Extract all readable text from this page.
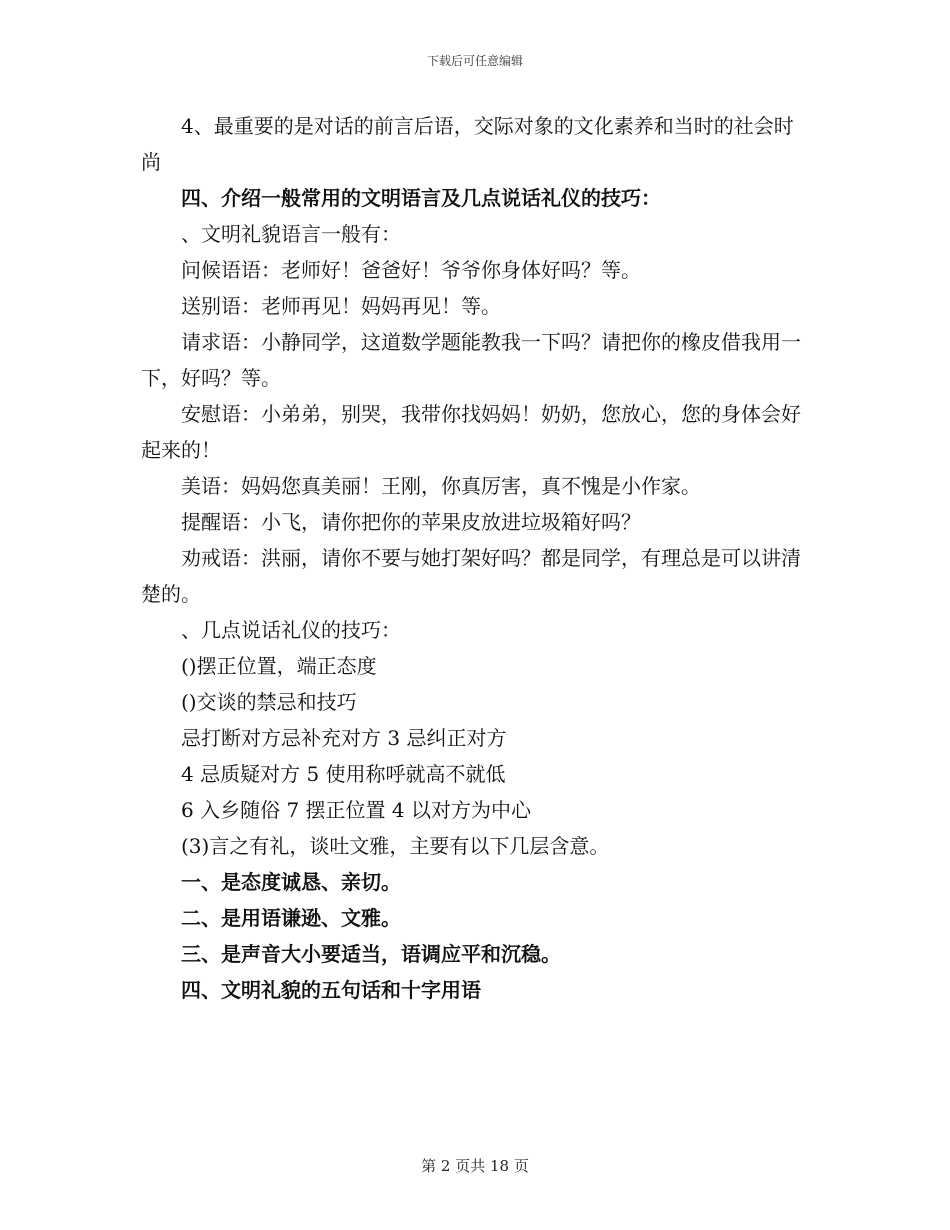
下载后可任意编辑

4、最重要的是对话的前言后语，交际对象的文化素养和当时的社会时尚

四、介绍一般常用的文明语言及几点说话礼仪的技巧：

、文明礼貌语言一般有：

问候语语：老师好！爸爸好！爷爷你身体好吗？等。

送别语：老师再见！妈妈再见！等。

请求语：小静同学，这道数学题能教我一下吗？请把你的橡皮借我用一下，好吗？等。

安慰语：小弟弟，别哭，我带你找妈妈！奶奶，您放心，您的身体会好起来的！

美语：妈妈您真美丽！王刚，你真厉害，真不愧是小作家。

提醒语：小飞，请你把你的苹果皮放进垃圾箱好吗？

劝戒语：洪丽，请你不要与她打架好吗？都是同学，有理总是可以讲清楚的。

、几点说话礼仪的技巧：

()摆正位置，端正态度

()交谈的禁忌和技巧

忌打断对方忌补充对方 3 忌纠正对方

4 忌质疑对方 5 使用称呼就高不就低

6 入乡随俗 7 摆正位置 4 以对方为中心

(3)言之有礼，谈吐文雅，主要有以下几层含意。

一、是态度诚恳、亲切。

二、是用语谦逊、文雅。

三、是声音大小要适当，语调应平和沉稳。

四、文明礼貌的五句话和十字用语

第 2 页共 18 页
